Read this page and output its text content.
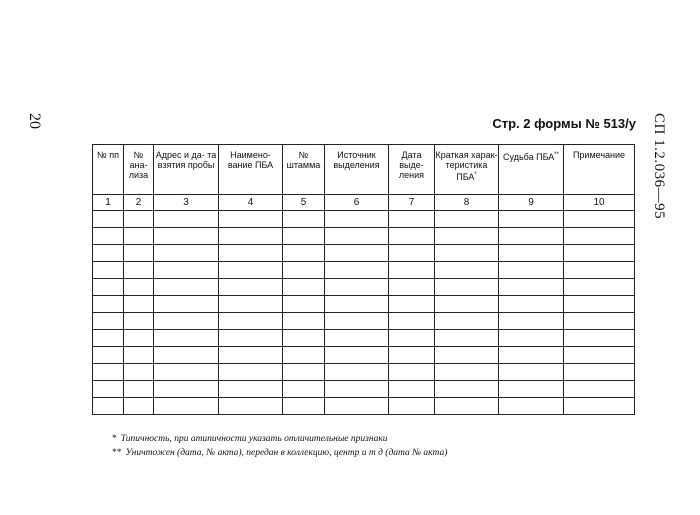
20	СП 1.2.036—95
Стр. 2 формы № 513/у
№ пп	№ ана- лиза	Адрес и да- та взятия пробы	Наимено- вание ПБА	№ штамма	Источник выделения	Дата выде- ления	Краткая харак- теристика ПБА*	Судьба ПБА**	Примечание

1	2	3	4	5	6	7	8	9	10

* Типичность, при атипичности указать отличительные признаки
** Уничтожен (дата, № акта), передан в коллекцию, центр и т д (дата № акта)
